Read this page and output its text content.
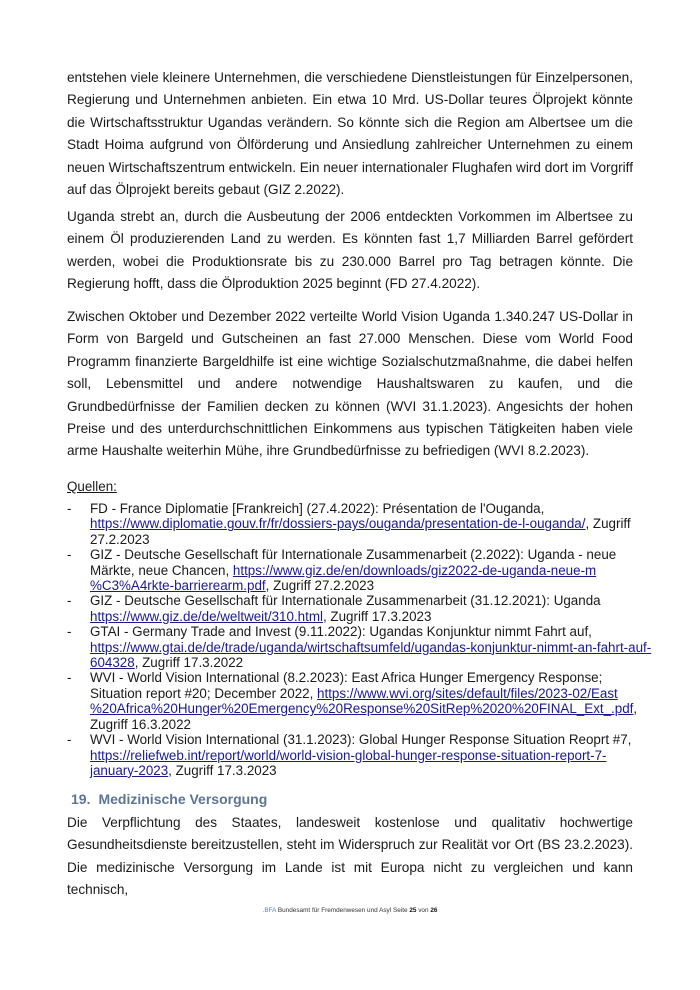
entstehen viele kleinere Unternehmen, die verschiedene Dienstleistungen für Einzelpersonen, Regierung und Unternehmen anbieten. Ein etwa 10 Mrd. US-Dollar teures Ölprojekt könnte die Wirtschaftsstruktur Ugandas verändern. So könnte sich die Region am Albertsee um die Stadt Hoima aufgrund von Ölförderung und Ansiedlung zahlreicher Unternehmen zu einem neuen Wirtschaftszentrum entwickeln. Ein neuer internationaler Flughafen wird dort im Vorgriff auf das Ölprojekt bereits gebaut (GIZ 2.2022).

Uganda strebt an, durch die Ausbeutung der 2006 entdeckten Vorkommen im Albertsee zu einem Öl produzierenden Land zu werden. Es könnten fast 1,7 Milliarden Barrel gefördert werden, wobei die Produktionsrate bis zu 230.000 Barrel pro Tag betragen könnte. Die Regierung hofft, dass die Ölproduktion 2025 beginnt (FD 27.4.2022).

Zwischen Oktober und Dezember 2022 verteilte World Vision Uganda 1.340.247 US-Dollar in Form von Bargeld und Gutscheinen an fast 27.000 Menschen. Diese vom World Food Programm finanzierte Bargeldhilfe ist eine wichtige Sozialschutzmaßnahme, die dabei helfen soll, Lebensmittel und andere notwendige Haushaltswaren zu kaufen, und die Grundbedürfnisse der Familien decken zu können (WVI 31.1.2023). Angesichts der hohen Preise und des unterdurchschnittlichen Einkommens aus typischen Tätigkeiten haben viele arme Haushalte weiterhin Mühe, ihre Grundbedürfnisse zu befriedigen (WVI 8.2.2023).

Quellen:

- FD - France Diplomatie [Frankreich] (27.4.2022): Présentation de l'Ouganda,
https://www.diplomatie.gouv.fr/fr/dossiers-pays/ouganda/presentation-de-l-ouganda/, Zugriff
27.2.2023
- GIZ - Deutsche Gesellschaft für Internationale Zusammenarbeit (2.2022): Uganda - neue
Märkte, neue Chancen, https://www.giz.de/en/downloads/giz2022-de-uganda-neue-m
%C3%A4rkte-barrierearm.pdf, Zugriff 27.2.2023
- GIZ - Deutsche Gesellschaft für Internationale Zusammenarbeit (31.12.2021): Uganda
https://www.giz.de/de/weltweit/310.html, Zugriff 17.3.2023
- GTAI - Germany Trade and Invest (9.11.2022): Ugandas Konjunktur nimmt Fahrt auf,
https://www.gtai.de/de/trade/uganda/wirtschaftsumfeld/ugandas-konjunktur-nimmt-an-fahrt-auf-
604328, Zugriff 17.3.2022
- WVI - World Vision International (8.2.2023): East Africa Hunger Emergency Response;
Situation report #20; December 2022, https://www.wvi.org/sites/default/files/2023-02/East
%20Africa%20Hunger%20Emergency%20Response%20SitRep%2020%20FINAL_Ext_.pdf,
Zugriff 16.3.2022
- WVI - World Vision International (31.1.2023): Global Hunger Response Situation Reoprt #7,
https://reliefweb.int/report/world/world-vision-global-hunger-response-situation-report-7-
january-2023, Zugriff 17.3.2023
19. Medizinische Versorgung

Die Verpflichtung des Staates, landesweit kostenlose und qualitativ hochwertige Gesundheitsdienste bereitzustellen, steht im Widerspruch zur Realität vor Ort (BS 23.2.2023). Die medizinische Versorgung im Lande ist mit Europa nicht zu vergleichen und kann technisch,

.BFA Bundesamt für Fremdenwesen und Asyl Seite 25 von 26
